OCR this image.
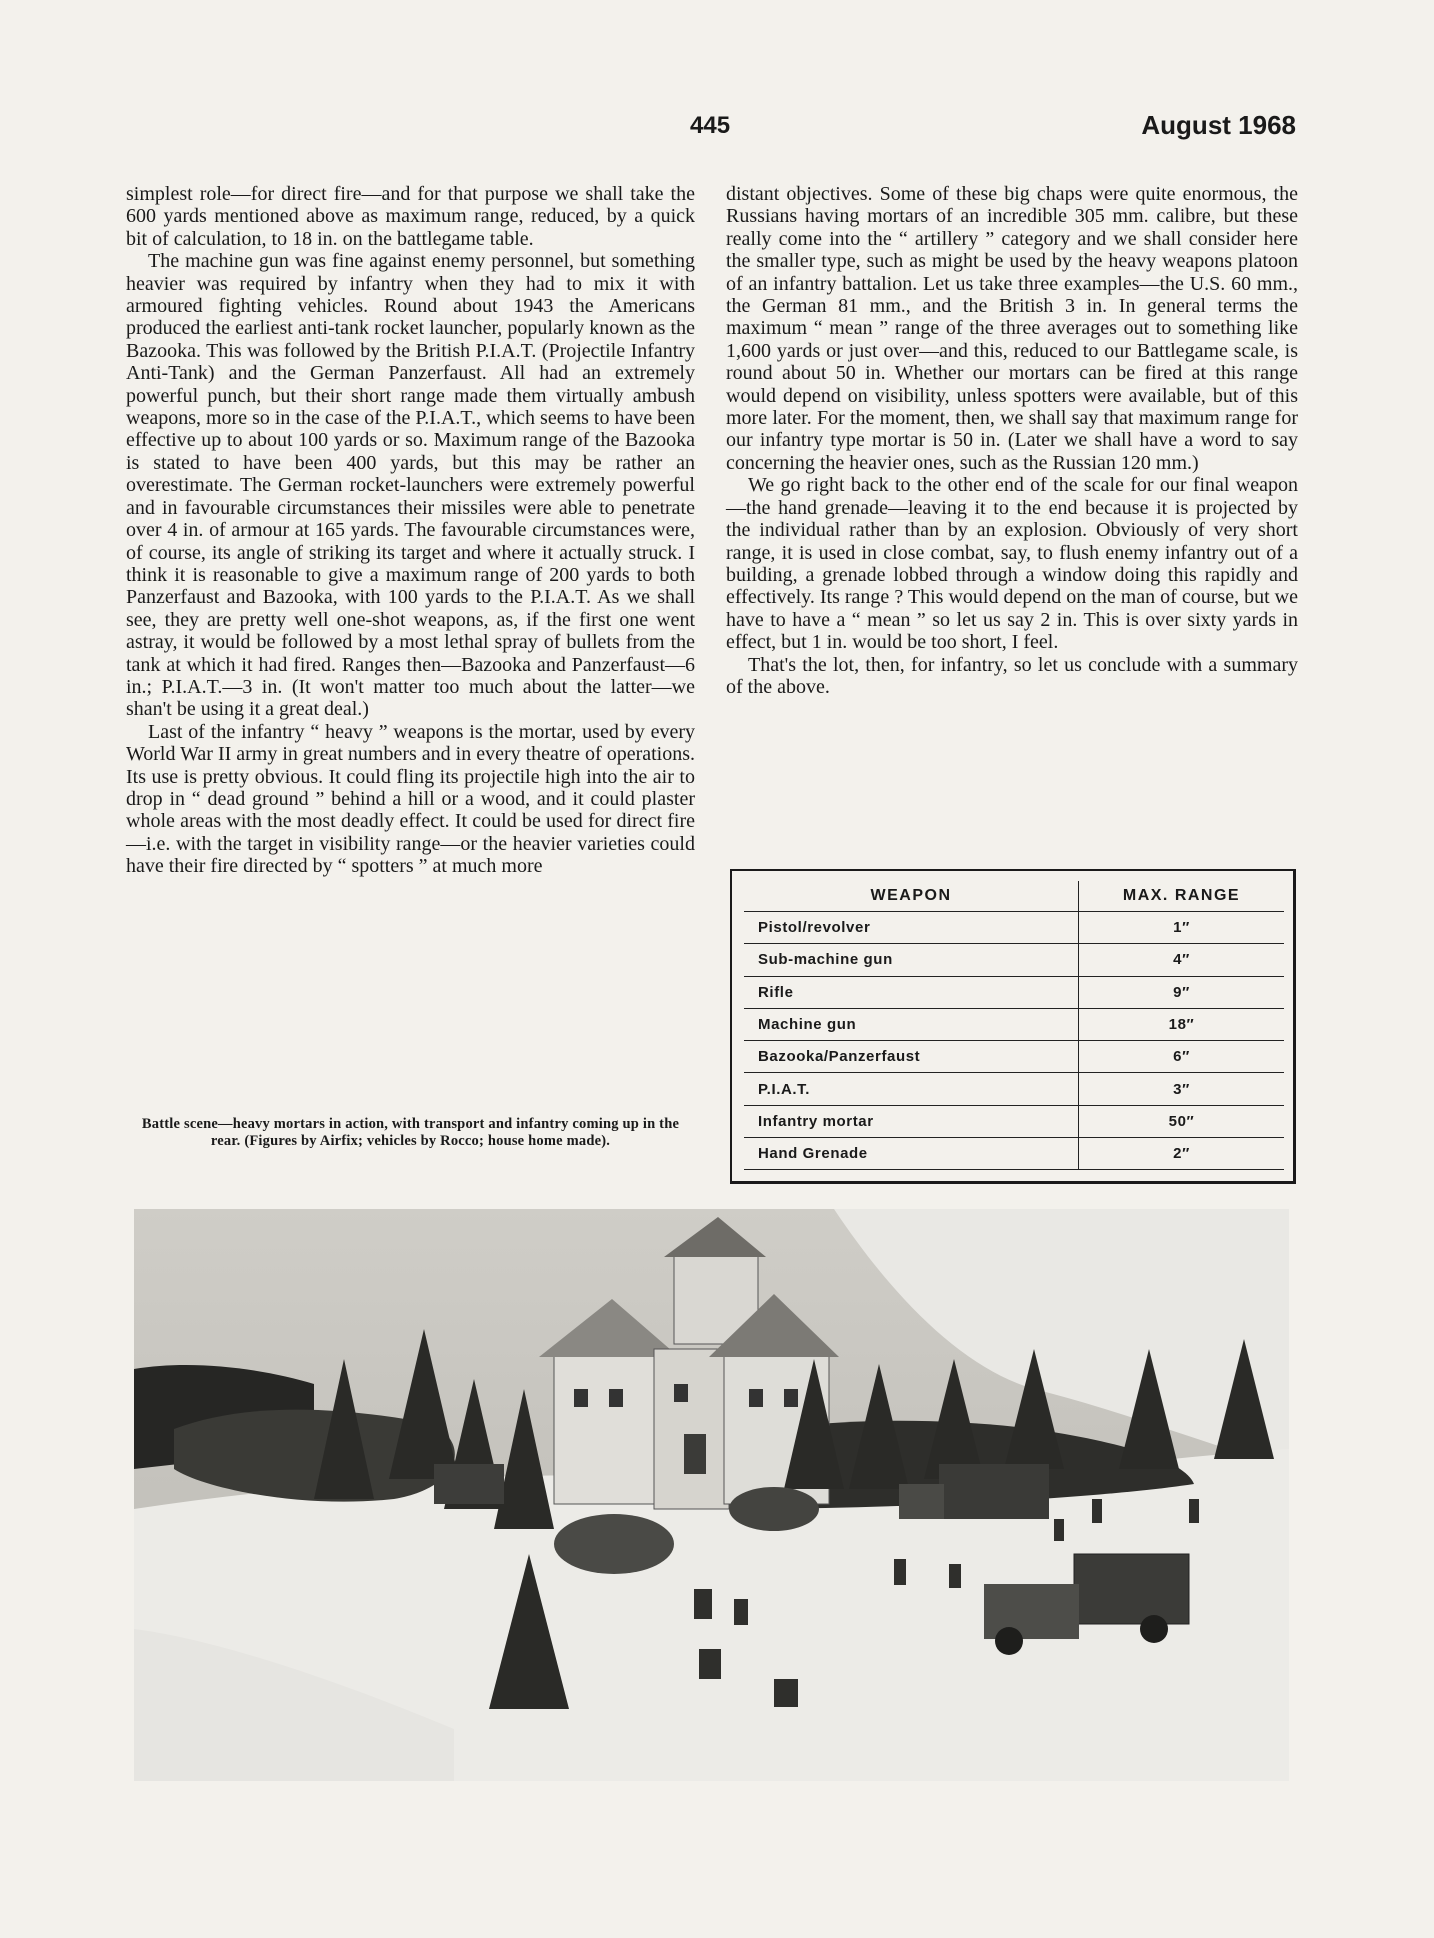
445	August 1968

simplest role—for direct fire—and for that purpose we shall take the 600 yards mentioned above as maximum range, reduced, by a quick bit of calculation, to 18 in. on the battlegame table.

The machine gun was fine against enemy personnel, but something heavier was required by infantry when they had to mix it with armoured fighting vehicles. Round about 1943 the Americans produced the earliest anti-tank rocket launcher, popularly known as the Bazooka. This was followed by the British P.I.A.T. (Projectile Infantry Anti-Tank) and the German Panzerfaust. All had an extremely powerful punch, but their short range made them virtually ambush weapons, more so in the case of the P.I.A.T., which seems to have been effective up to about 100 yards or so. Maximum range of the Bazooka is stated to have been 400 yards, but this may be rather an overestimate. The German rocket-launchers were extremely powerful and in favourable circumstances their missiles were able to penetrate over 4 in. of armour at 165 yards. The favourable circumstances were, of course, its angle of striking its target and where it actually struck. I think it is reasonable to give a maximum range of 200 yards to both Panzerfaust and Bazooka, with 100 yards to the P.I.A.T. As we shall see, they are pretty well one-shot weapons, as, if the first one went astray, it would be followed by a most lethal spray of bullets from the tank at which it had fired. Ranges then—Bazooka and Panzerfaust—6 in.; P.I.A.T.—3 in. (It won't matter too much about the latter—we shan't be using it a great deal.)

Last of the infantry “ heavy ” weapons is the mortar, used by every World War II army in great numbers and in every theatre of operations. Its use is pretty obvious. It could fling its projectile high into the air to drop in “ dead ground ” behind a hill or a wood, and it could plaster whole areas with the most deadly effect. It could be used for direct fire—i.e. with the target in visibility range—or the heavier varieties could have their fire directed by “ spotters ” at much more

distant objectives. Some of these big chaps were quite enormous, the Russians having mortars of an incredible 305 mm. calibre, but these really come into the “ artillery ” category and we shall consider here the smaller type, such as might be used by the heavy weapons platoon of an infantry battalion. Let us take three examples—the U.S. 60 mm., the German 81 mm., and the British 3 in. In general terms the maximum “ mean ” range of the three averages out to something like 1,600 yards or just over—and this, reduced to our Battlegame scale, is round about 50 in. Whether our mortars can be fired at this range would depend on visibility, unless spotters were available, but of this more later. For the moment, then, we shall say that maximum range for our infantry type mortar is 50 in. (Later we shall have a word to say concerning the heavier ones, such as the Russian 120 mm.)

We go right back to the other end of the scale for our final weapon—the hand grenade—leaving it to the end because it is projected by the individual rather than by an explosion. Obviously of very short range, it is used in close combat, say, to flush enemy infantry out of a building, a grenade lobbed through a window doing this rapidly and effectively. Its range ? This would depend on the man of course, but we have to have a “ mean ” so let us say 2 in. This is over sixty yards in effect, but 1 in. would be too short, I feel.

That's the lot, then, for infantry, so let us conclude with a summary of the above.

Battle scene—heavy mortars in action, with transport and infantry coming up in the rear. (Figures by Airfix; vehicles by Rocco; house home made).
WEAPON	MAX. RANGE
Pistol/revolver	1″
Sub-machine gun	4″
Rifle	9″
Machine gun	18″
Bazooka/Panzerfaust	6″
P.I.A.T.	3″
Infantry mortar	50″
Hand Grenade	2″
